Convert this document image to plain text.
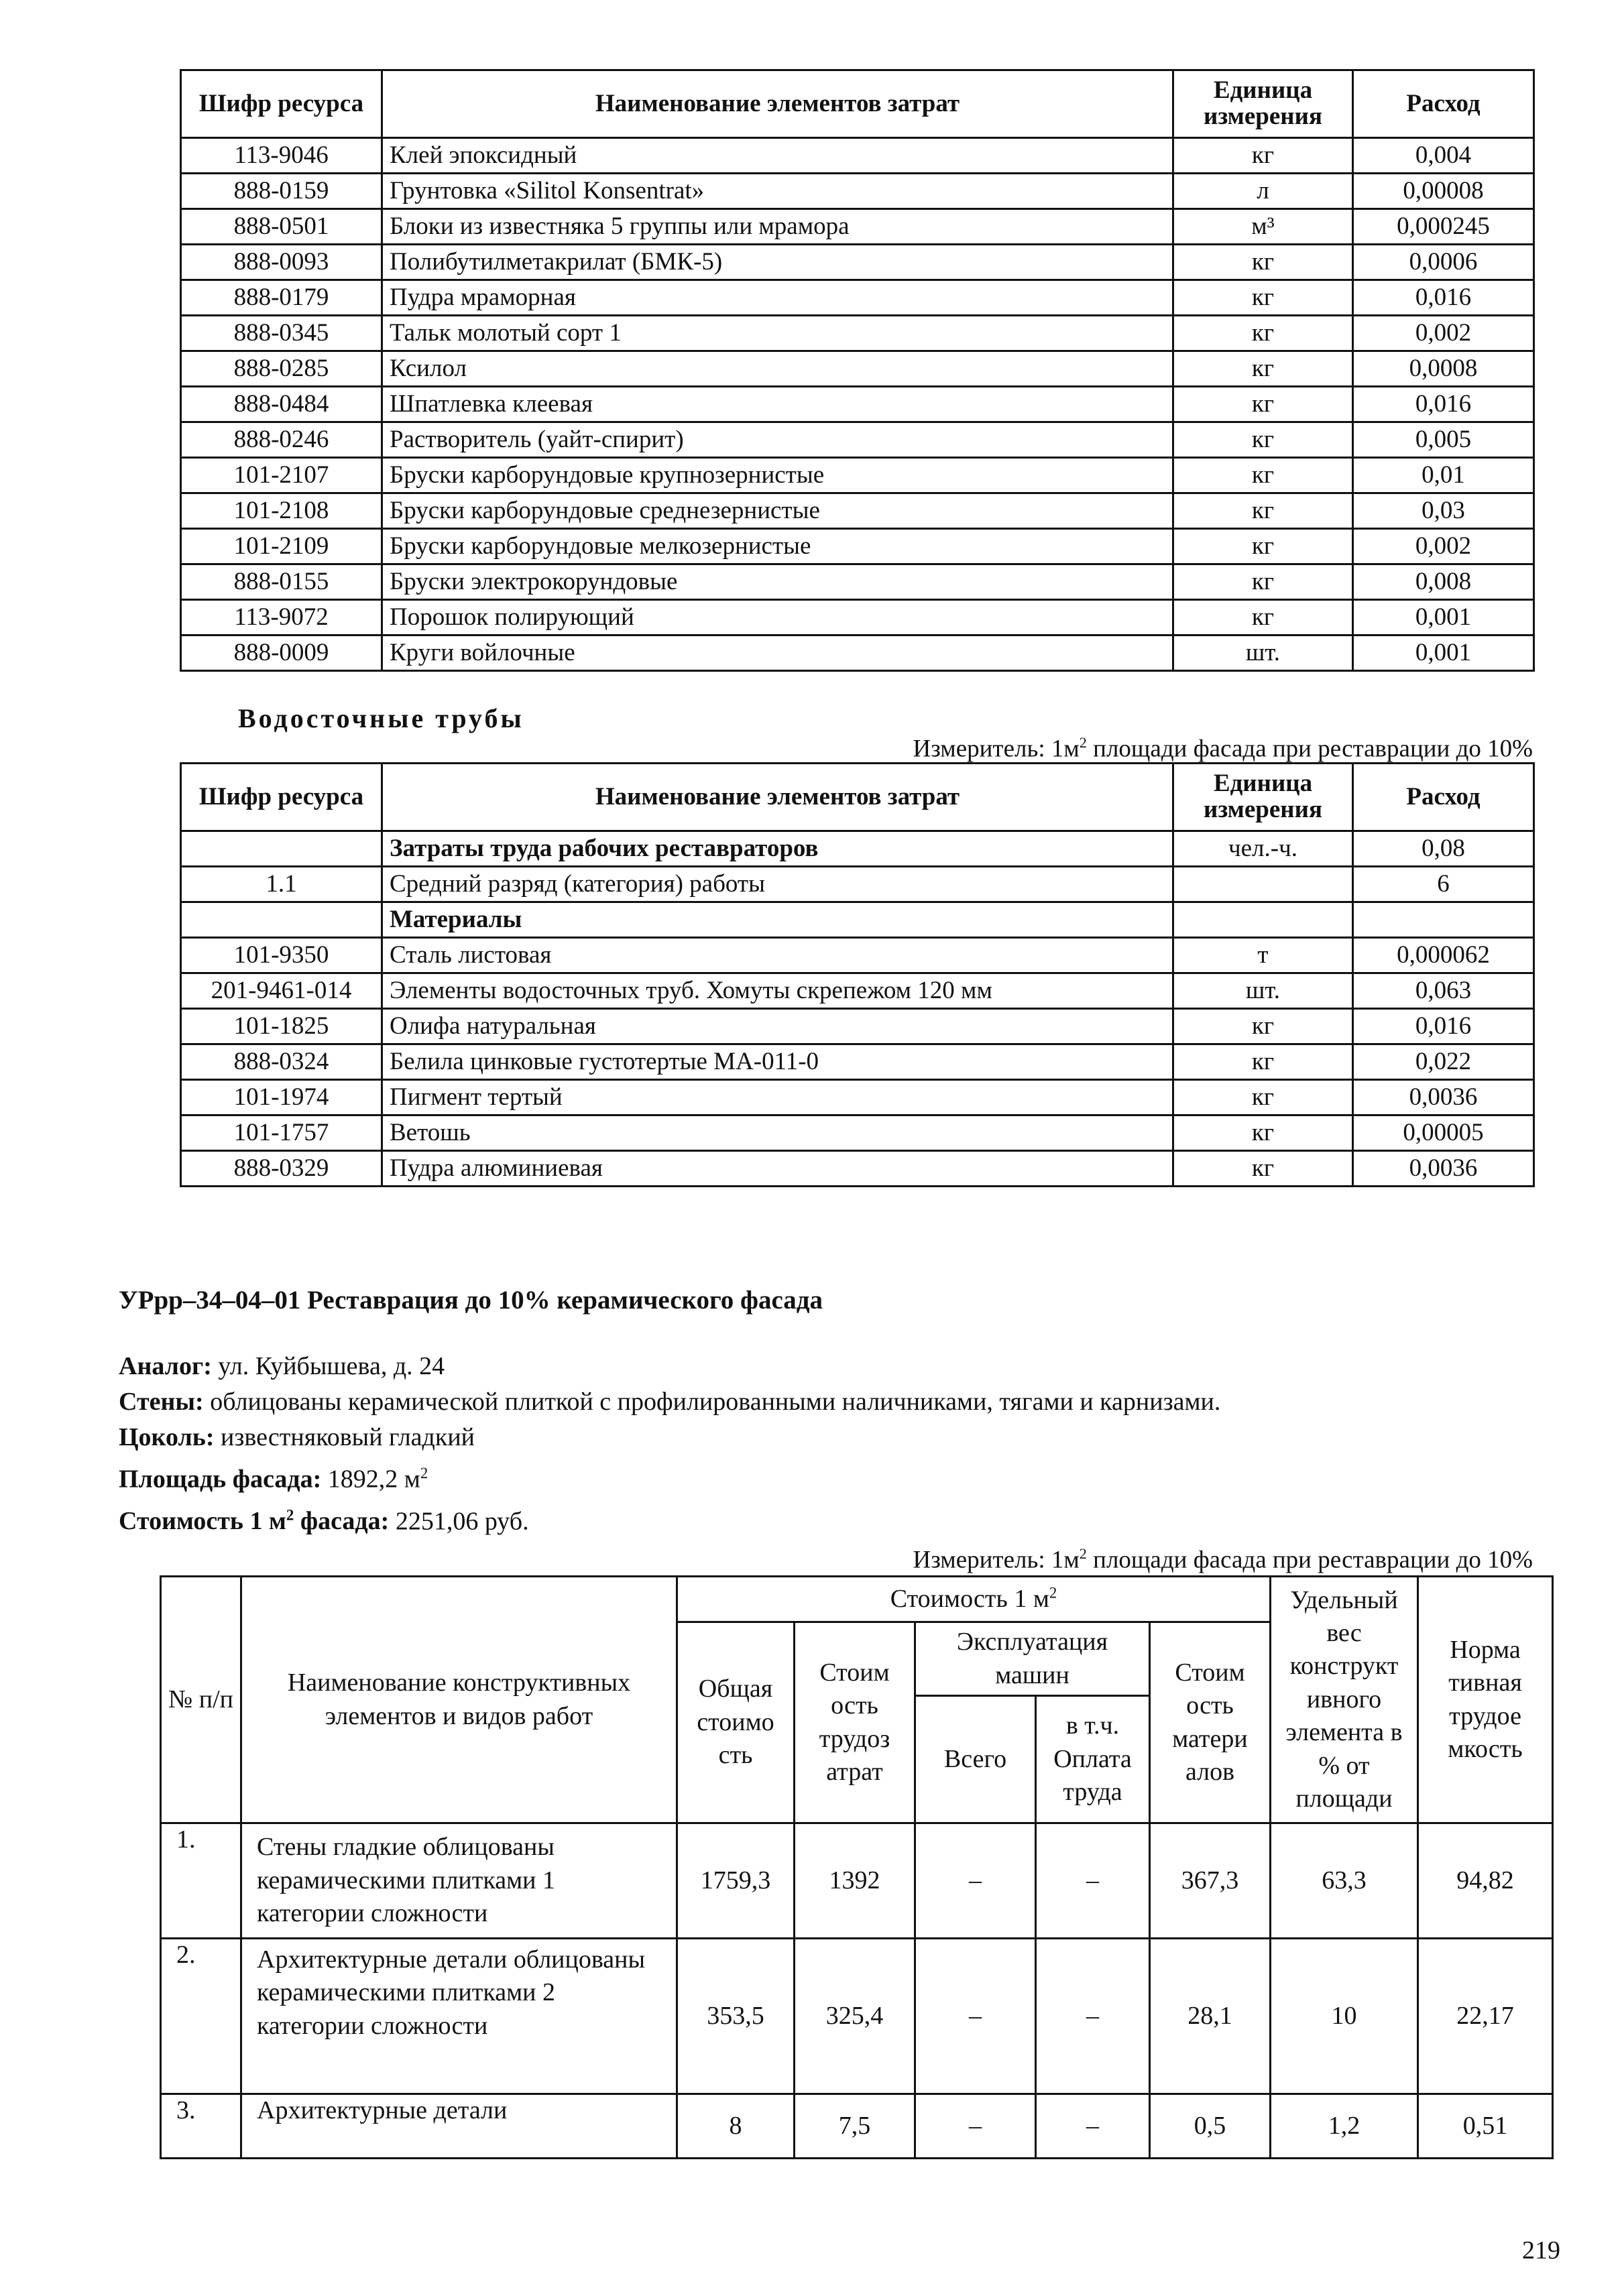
Шифр ресурса	Наименование элементов затрат	Единица измерения	Расход
113-9046	Клей эпоксидный	кг	0,004
888-0159	Грунтовка «Silitol Konsentrat»	л	0,00008
888-0501	Блоки из известняка 5 группы или мрамора	м³	0,000245
888-0093	Полибутилметакрилат (БМК-5)	кг	0,0006
888-0179	Пудра мраморная	кг	0,016
888-0345	Тальк молотый сорт 1	кг	0,002
888-0285	Ксилол	кг	0,0008
888-0484	Шпатлевка клеевая	кг	0,016
888-0246	Растворитель (уайт-спирит)	кг	0,005
101-2107	Бруски карборундовые крупнозернистые	кг	0,01
101-2108	Бруски карборундовые среднезернистые	кг	0,03
101-2109	Бруски карборундовые мелкозернистые	кг	0,002
888-0155	Бруски электрокорундовые	кг	0,008
113-9072	Порошок полирующий	кг	0,001
888-0009	Круги войлочные	шт.	0,001
Водосточные трубы
Измеритель: $1м^2$ площади фасада при реставрации до 10%
Шифр ресурса	Наименование элементов затрат	Единица измерения	Расход
	Затраты труда рабочих реставраторов	чел.-ч.	0,08
1.1	Средний разряд (категория) работы		6
	Материалы		
101-9350	Сталь листовая	т	0,000062
201-9461-014	Элементы водосточных труб. Хомуты скрепежом 120 мм	шт.	0,063
101-1825	Олифа натуральная	кг	0,016
888-0324	Белила цинковые густотертые МА-011-0	кг	0,022
101-1974	Пигмент тертый	кг	0,0036
101-1757	Ветошь	кг	0,00005
888-0329	Пудра алюминиевая	кг	0,0036
УРрр–34–04–01 Реставрация до 10% керамического фасада
Аналог: ул. Куйбышева, д. 24
Стены: облицованы керамической плиткой с профилированными наличниками, тягами и карнизами.
Цоколь: известняковый гладкий
Площадь фасада: 1892,2 $м^2$
Стоимость 1 $м^2$ фасада: 2251,06 руб.
Измеритель: $1м^2$ площади фасада при реставрации до 10%
№ п/п	Наименование конструктивных элементов и видов работ	Стоимость 1 $м^2$					Удельный вес конструкт ивного элемента в % от площади	Норма тивная трудое мкость
		Общая стоимо сть	Стоим ость трудоз атрат	Эксплуатация машин		Стоим ость матери алов		
				Всего	в т.ч. Оплата труда			
1.	Стены гладкие облицованы керамическими плитками 1 категории сложности	1759,3	1392	–	–	367,3	63,3	94,82
2.	Архитектурные детали облицованы керамическими плитками 2 категории сложности	353,5	325,4	–	–	28,1	10	22,17
3.	Архитектурные детали	8	7,5	–	–	0,5	1,2	0,51
219
